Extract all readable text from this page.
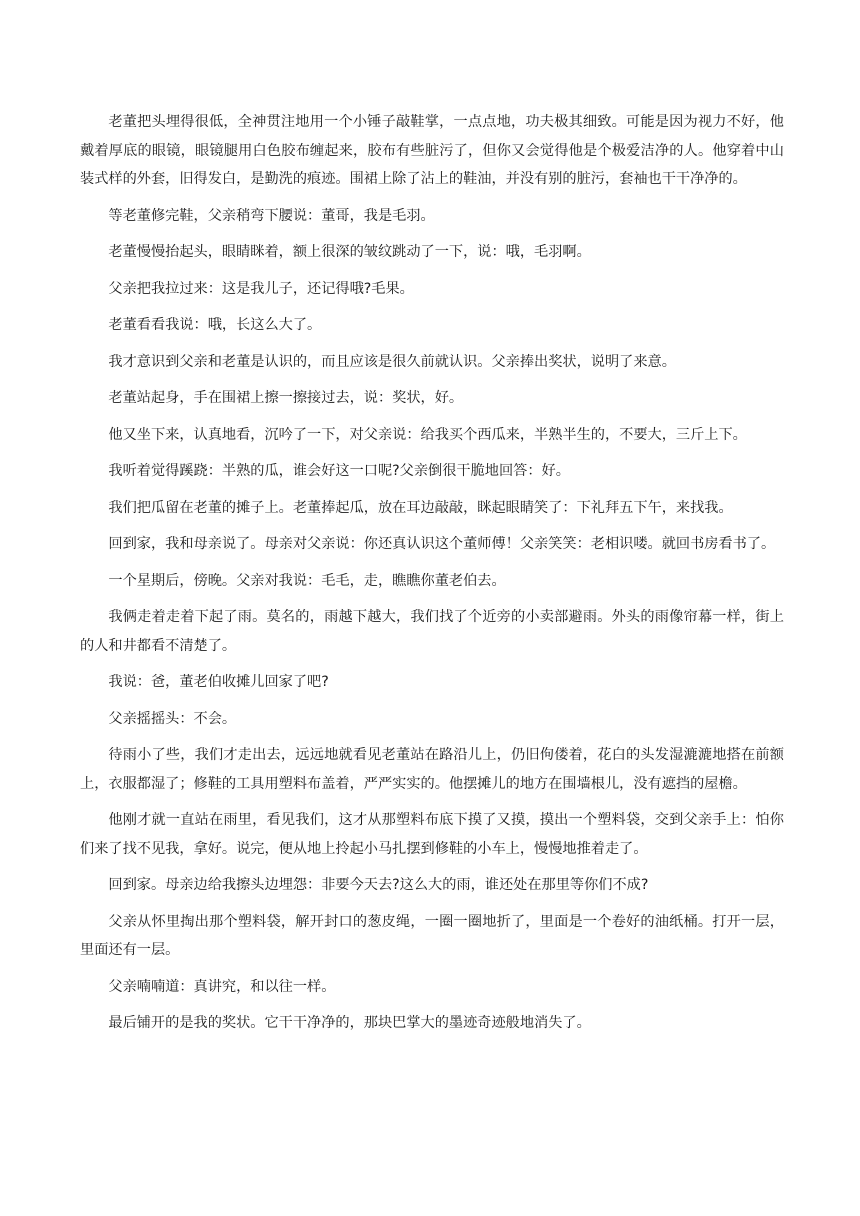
老董把头埋得很低，全神贯注地用一个小锤子敲鞋掌，一点点地，功夫极其细致。可能是因为视力不好，他戴着厚底的眼镜，眼镜腿用白色胶布缠起来，胶布有些脏污了，但你又会觉得他是个极爱洁净的人。他穿着中山装式样的外套，旧得发白，是勤洗的痕迹。围裙上除了沾上的鞋油，并没有别的脏污，套袖也干干净净的。

等老董修完鞋，父亲稍弯下腰说：董哥，我是毛羽。

老董慢慢抬起头，眼睛眯着，额上很深的皱纹跳动了一下，说：哦，毛羽啊。

父亲把我拉过来：这是我儿子，还记得哦?毛果。

老董看看我说：哦，长这么大了。

我才意识到父亲和老董是认识的，而且应该是很久前就认识。父亲捧出奖状，说明了来意。

老董站起身，手在围裙上擦一擦接过去，说：奖状，好。

他又坐下来，认真地看，沉吟了一下，对父亲说：给我买个西瓜来，半熟半生的，不要大，三斤上下。

我听着觉得蹊跷：半熟的瓜，谁会好这一口呢?父亲倒很干脆地回答：好。

我们把瓜留在老董的摊子上。老董捧起瓜，放在耳边敲敲，眯起眼睛笑了：下礼拜五下午，来找我。

回到家，我和母亲说了。母亲对父亲说：你还真认识这个董师傅！父亲笑笑：老相识喽。就回书房看书了。

一个星期后，傍晚。父亲对我说：毛毛，走，瞧瞧你董老伯去。

我俩走着走着下起了雨。莫名的，雨越下越大，我们找了个近旁的小卖部避雨。外头的雨像帘幕一样，街上的人和井都看不清楚了。

我说：爸，董老伯收摊儿回家了吧?

父亲摇摇头：不会。

待雨小了些，我们才走出去，远远地就看见老董站在路沿儿上，仍旧佝偻着，花白的头发湿漉漉地搭在前额上，衣服都湿了；修鞋的工具用塑料布盖着，严严实实的。他摆摊儿的地方在围墙根儿，没有遮挡的屋檐。

他刚才就一直站在雨里，看见我们，这才从那塑料布底下摸了又摸，摸出一个塑料袋，交到父亲手上：怕你们来了找不见我，拿好。说完，便从地上拎起小马扎摆到修鞋的小车上，慢慢地推着走了。

回到家。母亲边给我擦头边埋怨：非要今天去?这么大的雨，谁还处在那里等你们不成?

父亲从怀里掏出那个塑料袋，解开封口的葱皮绳，一圈一圈地折了，里面是一个卷好的油纸桶。打开一层，里面还有一层。

父亲喃喃道：真讲究，和以往一样。

最后铺开的是我的奖状。它干干净净的，那块巴掌大的墨迹奇迹般地消失了。
